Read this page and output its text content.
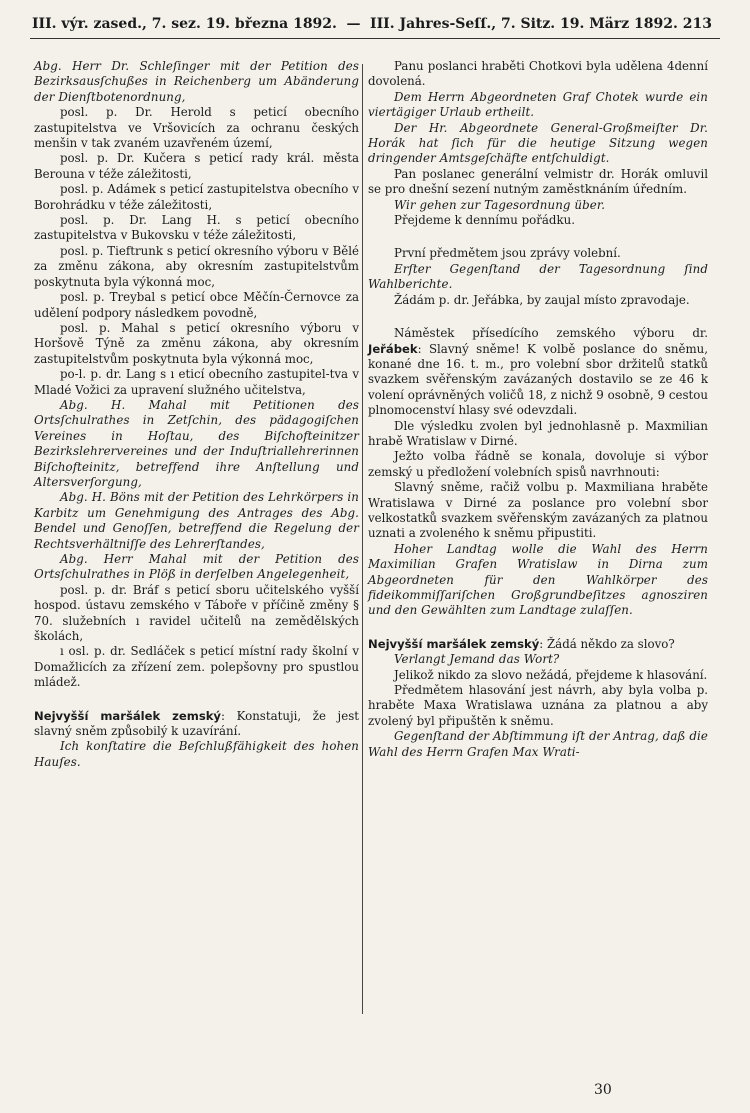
III. výr. zased., 7. sez. 19. března 1892. — III. Jahres-Seſſ., 7. Sitz. 19. März 1892. 213

Abg. Herr Dr. Schleſinger mit der Petition des Bezirksausſchußes in Reichenberg um Abänderung der Dienſtbotenordnung,

posl. p. Dr. Herold s peticí obecního zastupitelstva ve Vršovicích za ochranu českých menšin v tak zvaném uzavřeném území,

posl. p. Dr. Kučera s peticí rady král. města Berouna v téže záležitosti,

posl. p. Adámek s peticí zastupitelstva obecního v Borohrádku v téže záležitosti,

posl. p. Dr. Lang H. s peticí obecního zastupitelstva v Bukovsku v téže záležitosti,

posl. p. Tieftrunk s peticí okresního výboru v Bělé za změnu zákona, aby okresním zastupitelstvům poskytnuta byla výkonná moc,

posl. p. Treybal s peticí obce Měčín-Černovce za udělení podpory následkem povodně,

posl. p. Mahal s peticí okresního výboru v Horšově Týně za změnu zákona, aby okresním zastupitelstvům poskytnuta byla výkonná moc,

po-l. p. dr. Lang s ı eticí obecního zastupitel-tva v Mladé Vožici za upravení služného učitelstva,

Abg. H. Mahal mit Petitionen des Ortsſchulrathes in Zetſchin, des pädagogiſchen Vereines in Hoſtau, des Biſchofteinitzer Bezirkslehrervereines und der Induſtriallehrerinnen Biſchofteinitz, betreffend ihre Anſtellung und Altersverſorgung,

Abg. H. Böns mit der Petition des Lehrkörpers in Karbitz um Genehmigung des Antrages des Abg. Bendel und Genoſſen, betreffend die Regelung der Rechtsverhältniſſe des Lehrerſtandes,

Abg. Herr Mahal mit der Petition des Ortsſchulrathes in Plöß in derſelben Angelegenheit,

posl. p. dr. Bráf s peticí sboru učitelského vyšší hospod. ústavu zemského v Táboře v příčině změny § 70. služebních ı ravidel učitelů na zemědělských školách,

ı osl. p. dr. Sedláček s peticí místní rady školní v Domažlicích za zřízení zem. polepšovny pro spustlou mládež.

Nejvyšší maršálek zemský: Konstatuji, že jest slavný sněm způsobilý k uzavírání.

Ich konſtatire die Beſchlußfähigkeit des hohen Hauſes.

Panu poslanci hraběti Chotkovi byla udělena 4denní dovolená.

Dem Herrn Abgeordneten Graf Chotek wurde ein viertägiger Urlaub ertheilt.

Der Hr. Abgeordnete General-Großmeiſter Dr. Horák hat ſich für die heutige Sitzung wegen dringender Amtsgeſchäfte entſchuldigt.

Pan poslanec generální velmistr dr. Horák omluvil se pro dnešní sezení nutným zaměstknáním úředním.

Wir gehen zur Tagesordnung über.

Přejdeme k dennímu pořádku.

První předmětem jsou zprávy volební.

Erſter Gegenſtand der Tagesordnung ſind Wahlberichte.

Žádám p. dr. Jeřábka, by zaujal místo zpravodaje.

Náměstek přísedícího zemského výboru dr. Jeřábek: Slavný sněme! K volbě poslance do sněmu, konané dne 16. t. m., pro volební sbor držitelů statků svazkem svěřenským zavázaných dostavilo se ze 46 k volení oprávněných voličů 18, z nichž 9 osobně, 9 cestou plnomocenství hlasy své odevzdali.

Dle výsledku zvolen byl jednohlasně p. Maxmilian hrabě Wratislaw v Dirné.

Ježto volba řádně se konala, dovoluje si výbor zemský u předložení volebních spisů navrhnouti:

Slavný sněme, račiž volbu p. Maxmiliana hraběte Wratislawa v Dirné za poslance pro volební sbor velkostatků svazkem svěřenským zavázaných za platnou uznati a zvoleného k sněmu připustiti.

Hoher Landtag wolle die Wahl des Herrn Maximilian Grafen Wratislaw in Dirna zum Abgeordneten für den Wahlkörper des fideikommiſſariſchen Großgrundbeſitzes agnosziren und den Gewählten zum Landtage zulaſſen.

Nejvyšší maršálek zemský: Žádá někdo za slovo?

Verlangt Jemand das Wort?

Jelikož nikdo za slovo nežádá, přejdeme k hlasování.

Předmětem hlasování jest návrh, aby byla volba p. hraběte Maxa Wratislawa uznána za platnou a aby zvolený byl připuštěn k sněmu.

Gegenſtand der Abſtimmung iſt der Antrag, daß die Wahl des Herrn Grafen Max Wrati-

30
